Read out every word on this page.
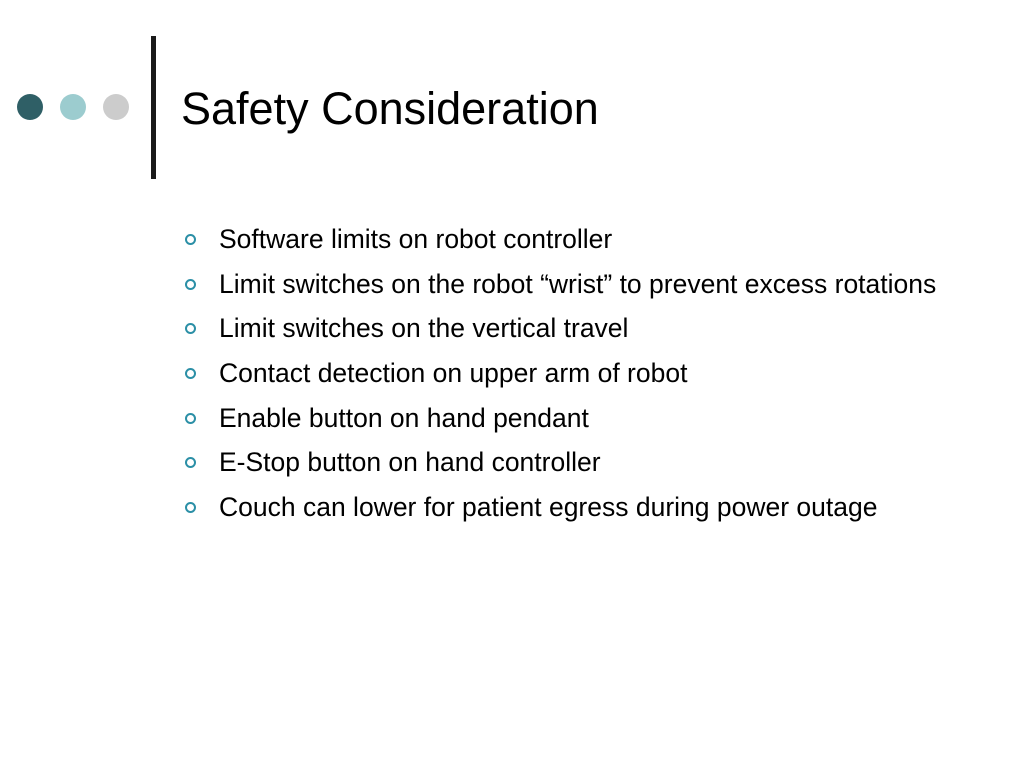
Safety Consideration
Software limits on robot controller
Limit switches on the robot “wrist” to prevent excess rotations
Limit switches on the vertical travel
Contact detection on upper arm of robot
Enable button on hand pendant
E-Stop button on hand controller
Couch can lower for patient egress during power outage
